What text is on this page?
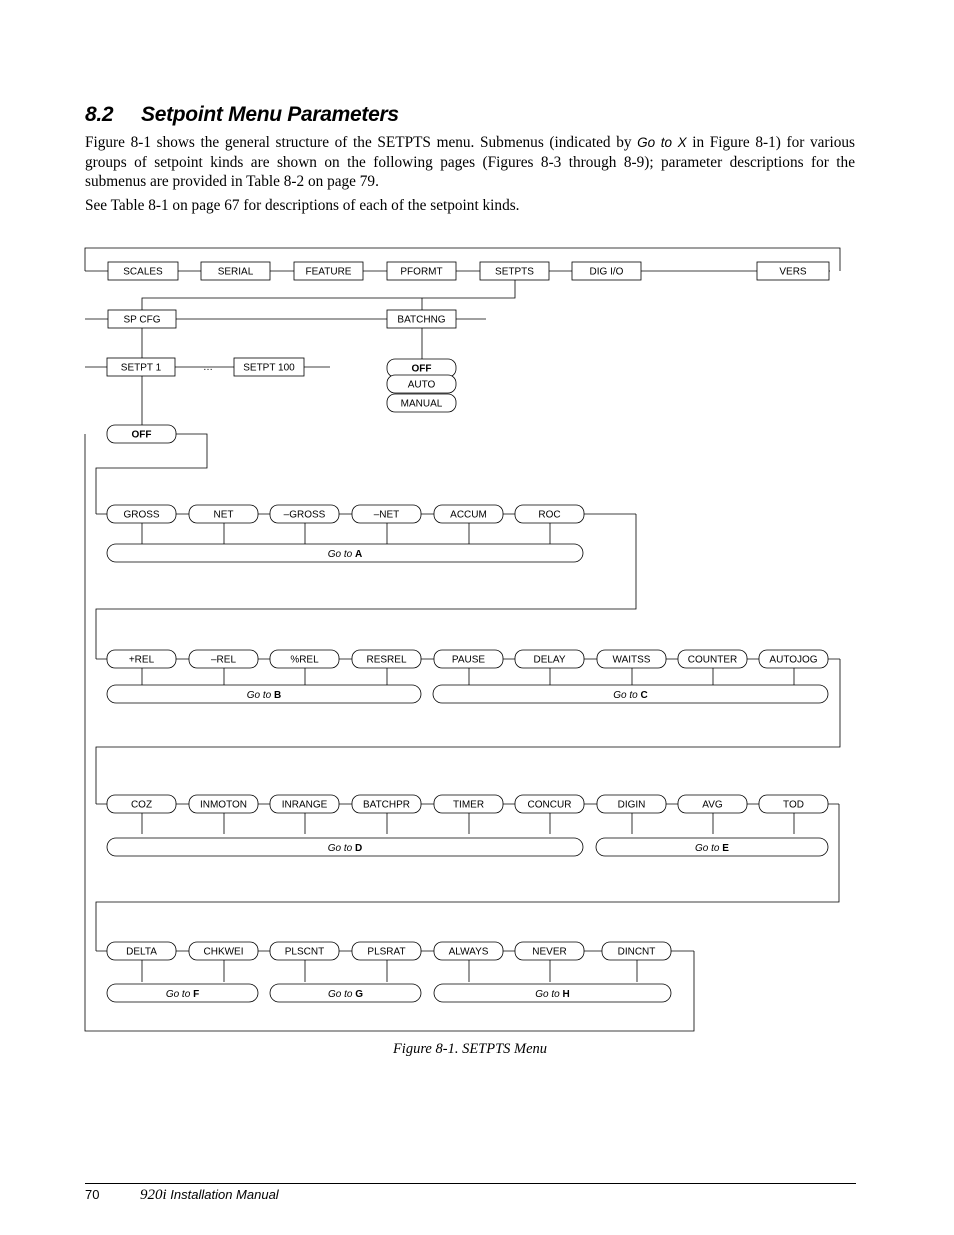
8.2 Setpoint Menu Parameters

Figure 8-1 shows the general structure of the SETPTS menu. Submenus (indicated by Go to X in Figure 8-1) for various groups of setpoint kinds are shown on the following pages (Figures 8-3 through 8-9); parameter descriptions for the submenus are provided in Table 8-2 on page 79.

See Table 8-1 on page 67 for descriptions of each of the setpoint kinds.

SCALES	SERIAL	FEATURE	PFORMT	SETPTS	DIG I/O	VERS
SP CFG	BATCHNG
SETPT 1	…	SETPT 100	OFF
AUTO
MANUAL
OFF
GROSS	NET	–GROSS	–NET	ACCUM	ROC
+REL	–REL	%REL	RESREL	PAUSE	DELAY	WAITSS	COUNTER	AUTOJOG
COZ	INMOTON	INRANGE	BATCHPR	TIMER	CONCUR	DIGIN	AVG	TOD
DELTA	CHKWEI	PLSCNT	PLSRAT	ALWAYS	NEVER	DINCNT
Go to A
Go to B	Go to C
Go to D	Go to E
Go to F	Go to G	Go to H
Figure 8-1. SETPTS Menu
70	920i Installation Manual
